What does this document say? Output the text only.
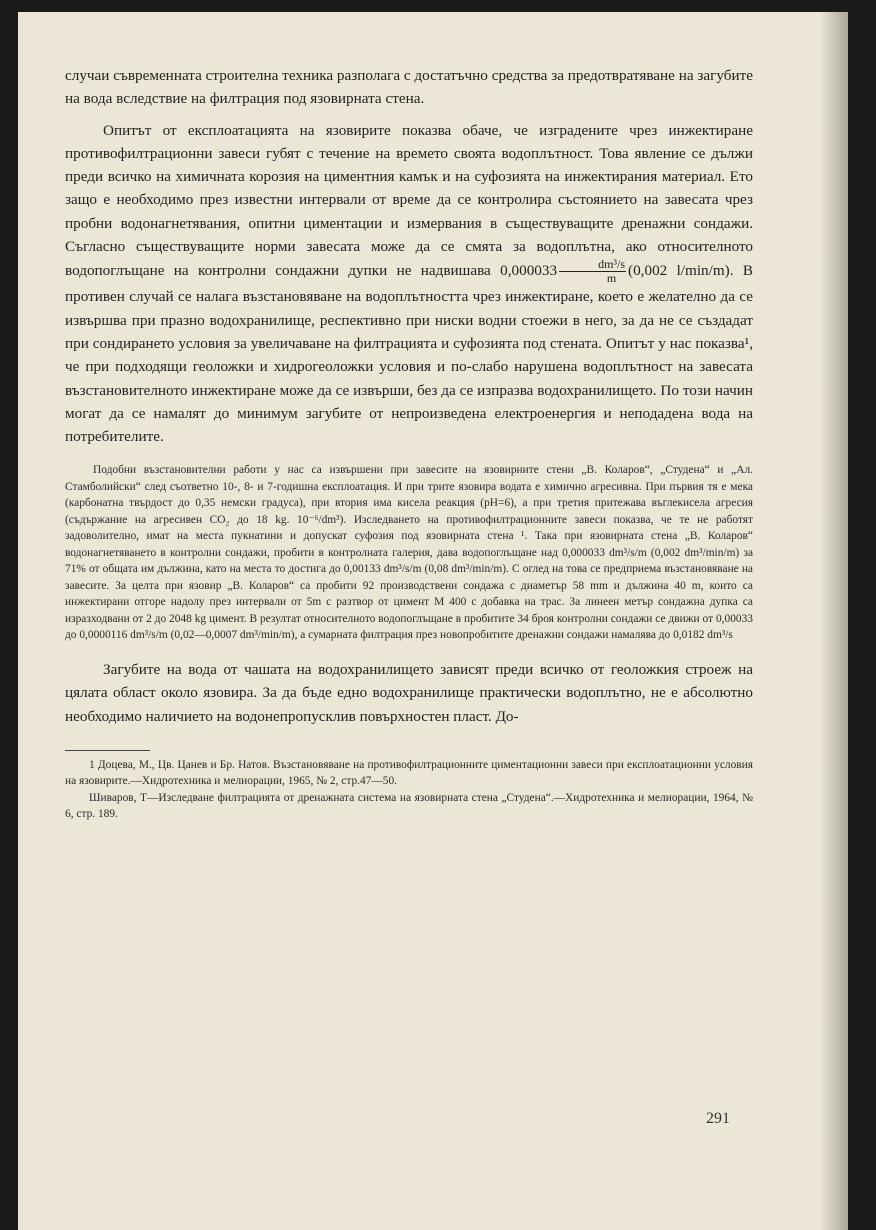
случаи съвременната строителна техника разполага с достатъчно средства за предотвратяване на загубите на вода вследствие на филтрация под язовирната стена.

Опитът от експлоатацията на язовирите показва обаче, че изградените чрез инжектиране противофилтрационни завеси губят с течение на времето своята водоплътност. Това явление се дължи преди всичко на химичната корозия на циментния камък и на суфозията на инжектирания материал. Ето защо е необходимо през известни интервали от време да се контролира състоянието на завесата чрез пробни водонагнетявания, опитни циментации и измервания в съществуващите дренажни сондажи. Съгласно съществуващите норми завесата може да се смята за водоплътна, ако относителното водопоглъщане на контролни сондажни дупки не надвишава $0,000033 \frac{\text{dm³/s}}{m} (0,002$ l/min/m). В противен случай се налага възстановяване на водоплътността чрез инжектиране, което е желателно да се извършва при празно водохранилище, респективно при ниски водни стоежи в него, за да не се създадат при сондирането условия за увеличаване на филтрацията и суфозията под стената. Опитът у нас показва¹, че при подходящи геоложки и хидрогеоложки условия и по-слабо нарушена водоплътност на завесата възстановителното инжектиране може да се извърши, без да се изпразва водохранилището. По този начин могат да се намалят до минимум загубите от непроизведена електроенергия и неподадена вода на потребителите.

Подобни възстановителни работи у нас са извършени при завесите на язовирните стени „В. Коларов“, „Студена“ и „Ал. Стамболийски“ след съответно 10-, 8- и 7-годишна експлоатация. И при трите язовира водата е химично агресивна. При първия тя е мека (карбонатна твърдост до 0,35 немски градуса), при втория има кисела реакция (pH=6), а при третия притежава въглекисела агресия (съдържание на агресивен CO₂ до 18 kg. 10⁻⁶/dm³). Изследването на противофилтрационните завеси показва, че те не работят задоволително, имат на места пукнатини и допускат суфозия под язовирната стена ¹. Така при язовирната стена „В. Коларов“ водонагнетяването в контролни сондажи, пробити в контролната галерия, дава водопоглъщане над 0,000033 dm³/s/m (0,002 dm³/min/m) за 71% от общата им дължина, като на места то достига до 0,00133 dm³/s/m (0,08 dm³/min/m). С оглед на това се предприема възстановяване на завесите. За целта при язовир „В. Коларов“ са пробити 92 производствени сондажа с диаметър 58 mm и дължина 40 m, които са инжектирани отгоре надолу през интервали от 5m с разтвор от цимент М 400 с добавка на трас. За линеен метър сондажна дупка са изразходвани от 2 до 2048 kg цимент. В резултат относителното водопоглъщане в пробитите 34 броя контролни сондажи се движи от 0,00033 до 0,0000116 dm³/s/m (0,02—0,0007 dm³/min/m), а сумарната филтрация през новопробитите дренажни сондажи намалява до 0,0182 dm³/s

Загубите на вода от чашата на водохранилището зависят преди всичко от геоложкия строеж на цялата област около язовира. За да бъде едно водохранилище практически водоплътно, не е абсолютно необходимо наличието на водонепропусклив повърхностен пласт. До-

1 Доцева, М., Цв. Цанев и Бр. Натов. Възстановяване на противофилтрационните циментационни завеси при експлоатационни условия на язовирите.—Хидротехника и мелиорации, 1965, № 2, стр.47—50.

Шиваров, Т—Изследване филтрацията от дренажната система на язовирната стена „Студена“.—Хидротехника и мелиорации, 1964, № 6, стр. 189.

291
